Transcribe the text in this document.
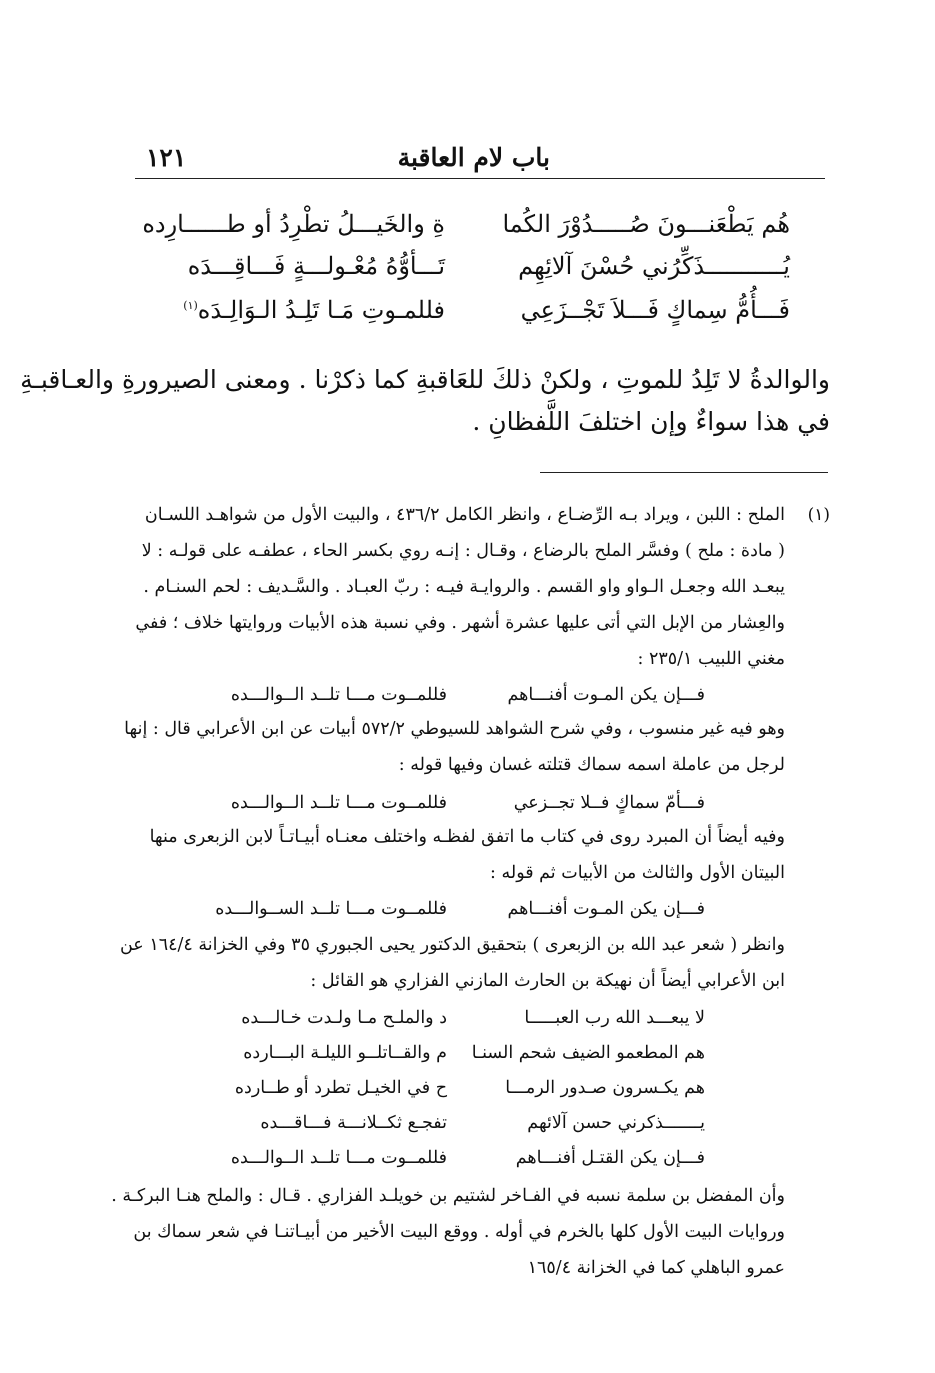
باب لام العاقبة
١٢١
هُم يَطْعَنـــونَ صُـــــدُوْرَ الكُما
ةِ والخَيـــلُ تطْرِدُ أو طــــــارِده
يُـــــــــــذَكِّرُني حُسْنَ آلائِهِم
تَـــأوُّهُ مُعْـولـــةٍ فَـــاقِـــدَه
فَـــأُمُّ سِماكٍ فَـــلاَ تَجْــزَعِي
فللمـوتِ مَـا تَلِـدُ الـوَالِـدَه$^{(١)}$
والوالدةُ لا تَلِدُ للموتِ ، ولكنْ ذلكَ للعَاقبةِ كما ذكرْنا . ومعنى الصيرورةِ والعـاقبـةِ
في هذا سواءٌ وإن اختلفَ اللَّفظانِ .
(١)
الملح : اللبن ، ويراد بـه الرِّضـاع ، وانظر الكامل ٤٣٦/٢ ، والبيت الأول من شواهـد اللسـان
( مادة : ملح ) وفسَّر الملح بالرضاع ، وقـال : إنـه روي بكسر الحاء ، عطفـه على قولـه : لا
يبعـد الله وجعـل الـواو واو القسم . والروايـة فيـه : ربّ العبـاد . والسَّـديف : لحم السنـام .
والعِشار من الإبل التي أتى عليها عشرة أشهر . وفي نسبة هذه الأبيات وروايتها خلاف ؛ ففي
مغني اللبيب ٢٣٥/١ :
فـــإن يكن المـوت أفنـــاهم
فللمــوت مـــا تلــد الــوالـــده
وهو فيه غير منسوب ، وفي شرح الشواهد للسيوطي ٥٧٢/٢ أبيات عن ابن الأعرابي قال : إنها
لرجل من عاملة اسمه سماك قتلته غسان وفيها قوله :
فـــأمّ سماكٍ فــلا تجــزعي
فللمــوت مـــا تلــد الــوالـــده
وفيه أيضاً أن المبرد روى في كتاب ما اتفق لفظـه واختلف معنـاه أبيـاتـاً لابن الزبعرى منها
البيتان الأول والثالث من الأبيات ثم قوله :
فـــإن يكن المـوت أفنـــاهم
فللمــوت مـــا تلــد الســوالـــده
وانظر ( شعر عبد الله بن الزبعرى ) بتحقيق الدكتور يحيى الجبوري ٣٥ وفي الخزانة ١٦٤/٤ عن
ابن الأعرابي أيضاً أن نهيكة بن الحارث المازني الفزاري هو القائل :
لا يبعـــد الله رب العبـــــا
د والملـح مـا ولـدت خـالـــده
هم المطعمو الضيف شحم السنـا
م والقــاتلــو الليلـة البـــارده
هم يكـسرون صـدور الرمـــا
ح في الخيـل تطرد أو طــارده
يـــــــذكرني حسن آلائهم
تفجـع ثكــلانـــة فـــاقـــده
فـــإن يكن القتـل أفنـــاهم
فللمــوت مـــا تلــد الــوالـــده
وأن المفضل بن سلمة نسبه في الفـاخر لشتيم بن خويلـد الفزاري . قـال : والملح هنـا البركـة .
وروايات البيت الأول كلها بالخرم في أوله . ووقع البيت الأخير من أبيـاتنـا في شعر سماك بن
عمرو الباهلي كما في الخزانة ١٦٥/٤
